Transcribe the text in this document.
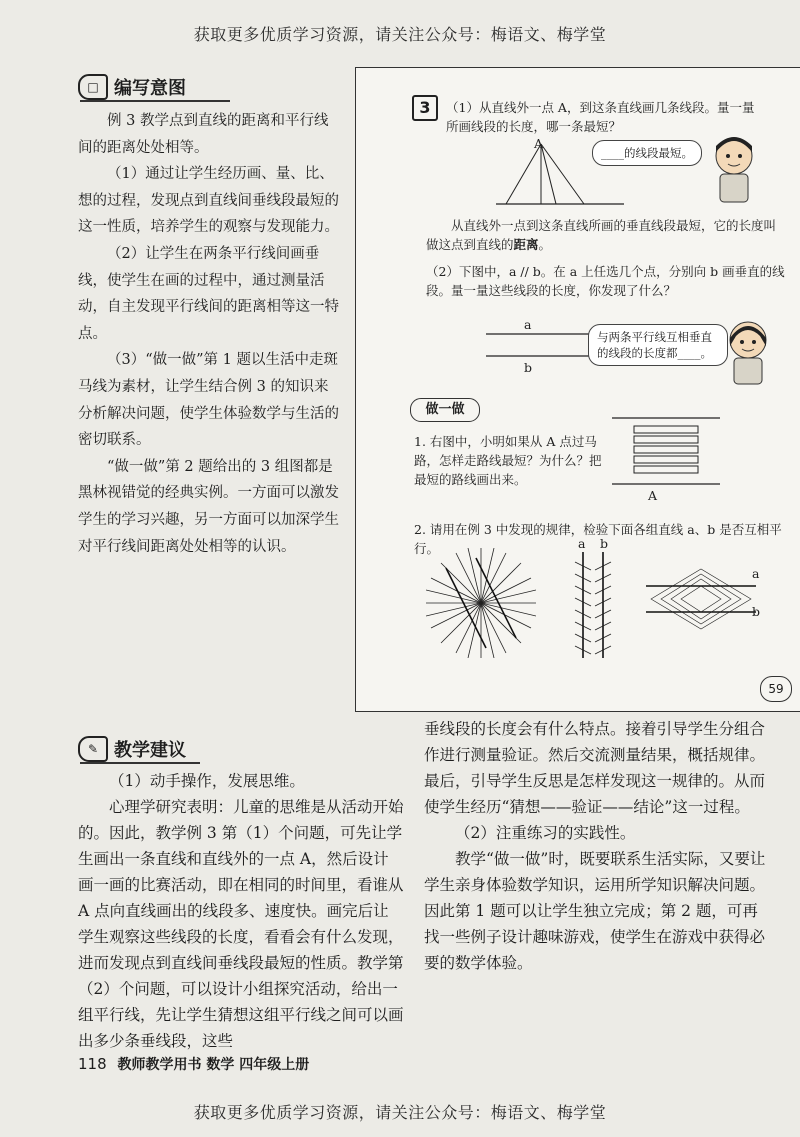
获取更多优质学习资源，请关注公众号：梅语文、梅学堂
获取更多优质学习资源，请关注公众号：梅语文、梅学堂
□ 编写意图

例 3 教学点到直线的距离和平行线间的距离处处相等。

（1）通过让学生经历画、量、比、想的过程，发现点到直线间垂线段最短的这一性质，培养学生的观察与发现能力。

（2）让学生在两条平行线间画垂线，使学生在画的过程中，通过测量活动，自主发现平行线间的距离相等这一特点。

（3）“做一做”第 1 题以生活中走斑马线为素材，让学生结合例 3 的知识来分析解决问题，使学生体验数学与生活的密切联系。

“做一做”第 2 题给出的 3 组图都是黑林视错觉的经典实例。一方面可以激发学生的学习兴趣，另一方面可以加深学生对平行线间距离处处相等的认识。

3	（1）从直线外一点 A，到这条直线画几条线段。量一量所画线段的长度，哪一条最短？
A
____的线段最短。
从直线外一点到这条直线所画的垂直线段最短，它的长度叫做这点到直线的距离。
（2）下图中，a // b。在 a 上任选几个点，分别向 b 画垂直的线段。量一量这些线段的长度，你发现了什么？
a
b
与两条平行线互相垂直的线段的长度都____。
做一做
1. 右图中，小明如果从 A 点过马路，怎样走路线最短？为什么？把最短的路线画出来。
A
2. 请用在例 3 中发现的规律，检验下面各组直线 a、b 是否互相平行。	a b
a
b
59
✎ 教学建议

（1）动手操作，发展思维。

心理学研究表明：儿童的思维是从活动开始的。因此，教学例 3 第（1）个问题，可先让学生画出一条直线和直线外的一点 A，然后设计画一画的比赛活动，即在相同的时间里，看谁从 A 点向直线画出的线段多、速度快。画完后让学生观察这些线段的长度，看看会有什么发现，进而发现点到直线间垂线段最短的性质。教学第（2）个问题，可以设计小组探究活动，给出一组平行线，先让学生猜想这组平行线之间可以画出多少条垂线段，这些

垂线段的长度会有什么特点。接着引导学生分组合作进行测量验证。然后交流测量结果，概括规律。最后，引导学生反思是怎样发现这一规律的。从而使学生经历“猜想——验证——结论”这一过程。

（2）注重练习的实践性。

教学“做一做”时，既要联系生活实际，又要让学生亲身体验数学知识，运用所学知识解决问题。因此第 1 题可以让学生独立完成；第 2 题，可再找一些例子设计趣味游戏，使学生在游戏中获得必要的数学体验。

118 教师教学用书 数学 四年级上册
